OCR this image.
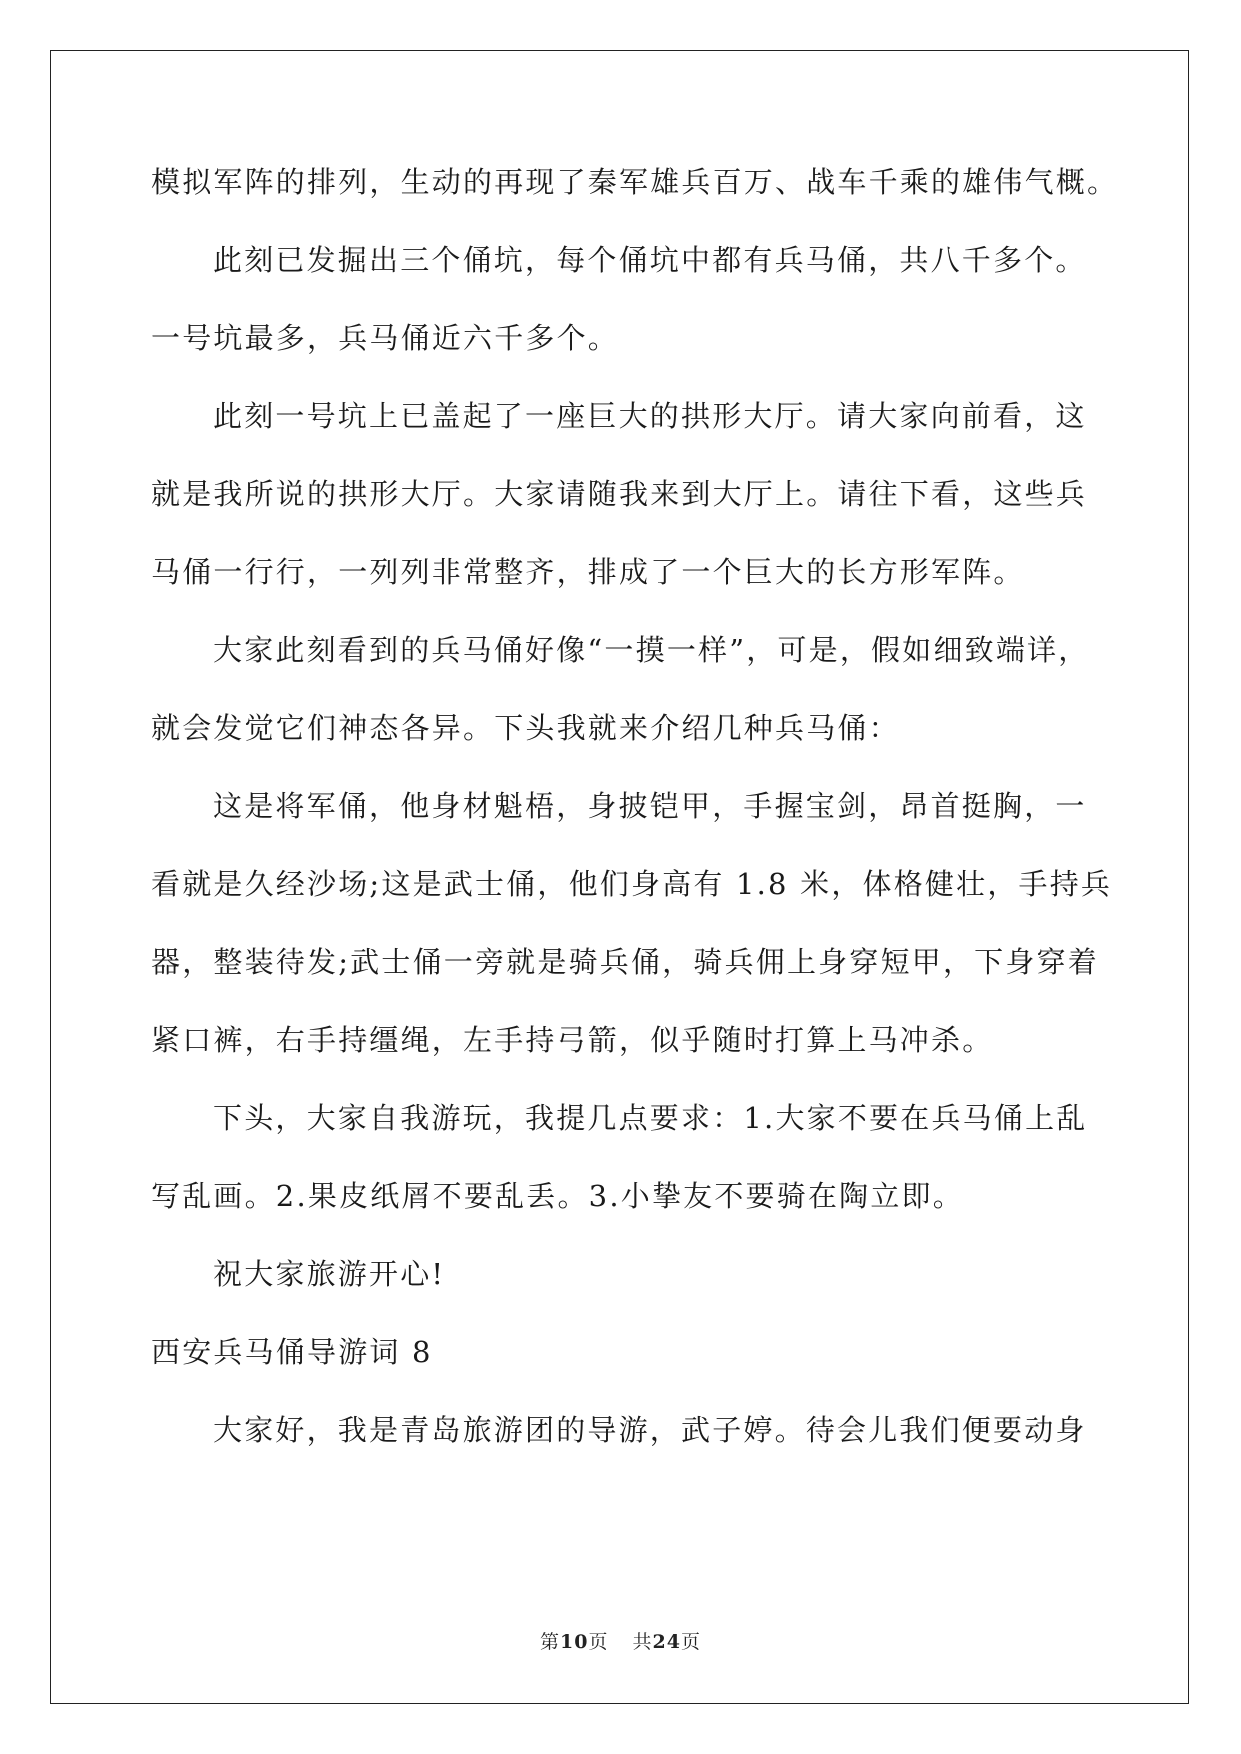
模拟军阵的排列，生动的再现了秦军雄兵百万、战车千乘的雄伟气概。
此刻已发掘出三个俑坑，每个俑坑中都有兵马俑，共八千多个。
一号坑最多，兵马俑近六千多个。
此刻一号坑上已盖起了一座巨大的拱形大厅。请大家向前看，这
就是我所说的拱形大厅。大家请随我来到大厅上。请往下看，这些兵
马俑一行行，一列列非常整齐，排成了一个巨大的长方形军阵。
大家此刻看到的兵马俑好像“一摸一样”，可是，假如细致端详，
就会发觉它们神态各异。下头我就来介绍几种兵马俑：
这是将军俑，他身材魁梧，身披铠甲，手握宝剑，昂首挺胸，一
看就是久经沙场;这是武士俑，他们身高有 1.8 米，体格健壮，手持兵
器，整装待发;武士俑一旁就是骑兵俑，骑兵佣上身穿短甲，下身穿着
紧口裤，右手持缰绳，左手持弓箭，似乎随时打算上马冲杀。
下头，大家自我游玩，我提几点要求：1.大家不要在兵马俑上乱
写乱画。2.果皮纸屑不要乱丢。3.小挚友不要骑在陶立即。
祝大家旅游开心!
西安兵马俑导游词 8
大家好，我是青岛旅游团的导游，武子婷。待会儿我们便要动身
第10页 共24页
